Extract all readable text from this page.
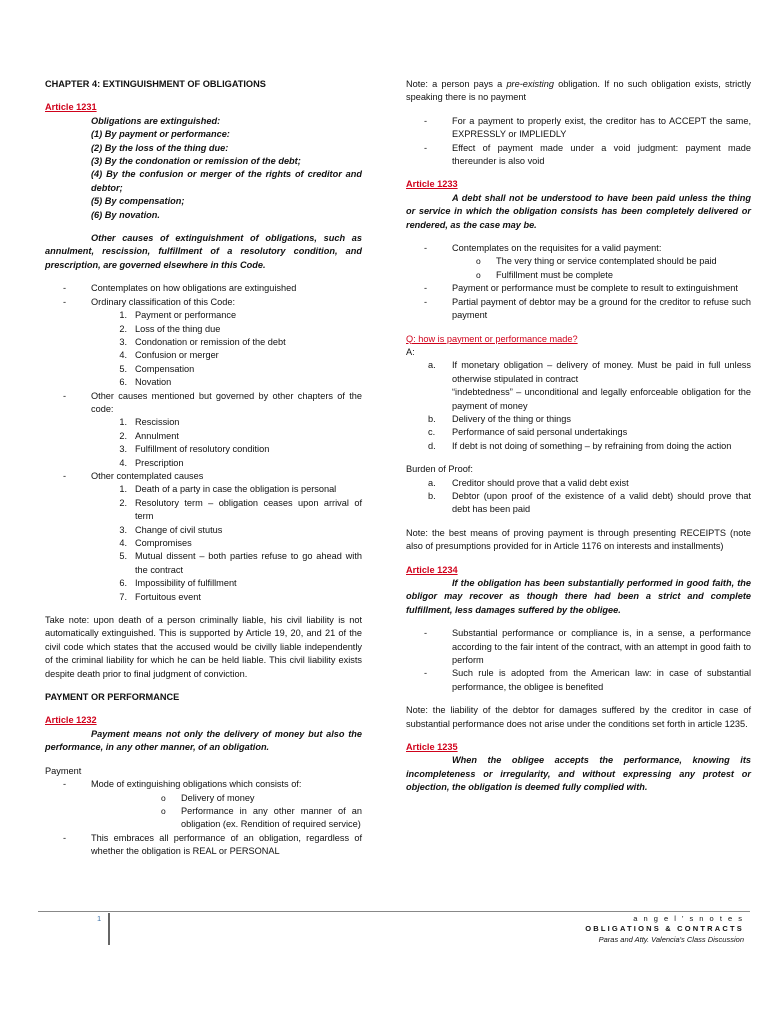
CHAPTER 4: EXTINGUISHMENT OF OBLIGATIONS

Article 1231

Obligations are extinguished:

(1) By payment or performance:

(2) By the loss of the thing due:

(3) By the condonation or remission of the debt;

(4) By the confusion or merger of the rights of creditor and debtor;

(5) By compensation;

(6) By novation.

Other causes of extinguishment of obligations, such as annulment, rescission, fulfillment of a resolutory condition, and prescription, are governed elsewhere in this Code.

- Contemplates on how obligations are extinguished
- Ordinary classification of this Code:
1. Payment or performance
2. Loss of the thing due
3. Condonation or remission of the debt
4. Confusion or merger
5. Compensation
6. Novation
- Other causes mentioned but governed by other chapters of the code:
1. Rescission
2. Annulment
3. Fulfillment of resolutory condition
4. Prescription
- Other contemplated causes
1. Death of a party in case the obligation is personal
2. Resolutory term – obligation ceases upon arrival of term
3. Change of civil stutus
4. Compromises
5. Mutual dissent – both parties refuse to go ahead with the contract
6. Impossibility of fulfillment
7. Fortuitous event

Take note: upon death of a person criminally liable, his civil liability is not automatically extinguished. This is supported by Article 19, 20, and 21 of the civil code which states that the accused would be civilly liable independently of the criminal liability for which he can be held liable. This civil liability exists despite death prior to final judgment of conviction.

PAYMENT OR PERFORMANCE

Article 1232

Payment means not only the delivery of money but also the performance, in any other manner, of an obligation.

Payment

- Mode of extinguishing obligations which consists of:
o Delivery of money
o Performance in any other manner of an obligation (ex. Rendition of required service)
- This embraces all performance of an obligation, regardless of whether the obligation is REAL or PERSONAL

Note: a person pays a pre-existing obligation. If no such obligation exists, strictly speaking there is no payment

- For a payment to properly exist, the creditor has to ACCEPT the same, EXPRESSLY or IMPLIEDLY
- Effect of payment made under a void judgment: payment made thereunder is also void

Article 1233

A debt shall not be understood to have been paid unless the thing or service in which the obligation consists has been completely delivered or rendered, as the case may be.

- Contemplates on the requisites for a valid payment:
o The very thing or service contemplated should be paid
o Fulfillment must be complete
- Payment or performance must be complete to result to extinguishment
- Partial payment of debtor may be a ground for the creditor to refuse such payment

Q: how is payment or performance made?

A:

a. If monetary obligation – delivery of money. Must be paid in full unless otherwise stipulated in contract
“indebtedness” – unconditional and legally enforceable obligation for the payment of money
b. Delivery of the thing or things
c. Performance of said personal undertakings
d. If debt is not doing of something – by refraining from doing the action

Burden of Proof:

a. Creditor should prove that a valid debt exist
b. Debtor (upon proof of the existence of a valid debt) should prove that debt has been paid

Note: the best means of proving payment is through presenting RECEIPTS (note also of presumptions provided for in Article 1176 on interests and installments)

Article 1234

If the obligation has been substantially performed in good faith, the obligor may recover as though there had been a strict and complete fulfillment, less damages suffered by the obligee.

- Substantial performance or compliance is, in a sense, a performance according to the fair intent of the contract, with an attempt in good faith to perform
- Such rule is adopted from the American law: in case of substantial performance, the obligee is benefited

Note: the liability of the debtor for damages suffered by the creditor in case of substantial performance does not arise under the conditions set forth in article 1235.

Article 1235

When the obligee accepts the performance, knowing its incompleteness or irregularity, and without expressing any protest or objection, the obligation is deemed fully complied with.

1	a n g e l ' s n o t e s
OBLIGATIONS & CONTRACTS
Paras and Atty. Valencia's Class Discussion
